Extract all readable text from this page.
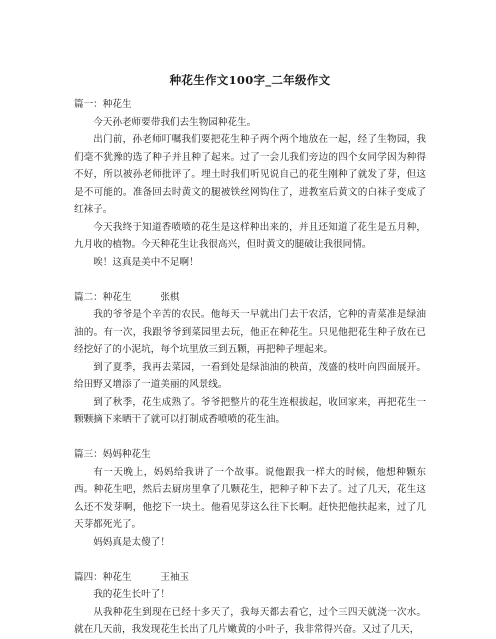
种花生作文100字_二年级作文

篇一：种花生

今天孙老师要带我们去生物园种花生。

出门前，孙老师叮嘱我们要把花生种子两个两个地放在一起，经了生物园，我们毫不犹豫的选了种子并且种了起来。过了一会儿我们旁边的四个女同学因为种得不好，所以被孙老师批评了。埋土时我们听见说自己的花生刚种了就发了芽，但这是不可能的。准备回去时黄文的腿被铁丝网钩住了，进教室后黄文的白袜子变成了红袜子。

今天我终于知道香喷喷的花生是这样种出来的，并且还知道了花生是五月种，九月收的植物。今天种花生让我很高兴，但时黄文的腿破让我很同情。

唉！这真是美中不足啊！

篇二：种花生　　　张棋

我的爷爷是个辛苦的农民。他每天一早就出门去干农活，它种的青菜准是绿油油的。有一次，我跟爷爷到菜园里去玩，他正在种花生。只见他把花生种子放在已经挖好了的小泥坑，每个坑里放三到五颗，再把种子埋起来。

到了夏季，我再去菜园，一看到处是绿油油的秧苗，茂盛的枝叶向四面展开。给田野又增添了一道美丽的风景线。

到了秋季，花生成熟了。爷爷把整片的花生连根拔起，收回家来，再把花生一颗颗摘下来晒干了就可以打制成香喷喷的花生油。

篇三：妈妈种花生

有一天晚上，妈妈给我讲了一个故事。说他跟我一样大的时候，他想种颗东西。种花生吧，然后去厨房里拿了几颗花生，把种子种下去了。过了几天，花生这么还不发芽啊，他挖下一块土。他看见芽这么往下长啊。赶快把他扶起来，过了几天芽都死光了。

妈妈真是太傻了！

篇四：种花生　　　王袖玉

我的花生长叶了！

从我种花生到现在已经十多天了，我每天都去看它，过个三四天就浇一次水。就在几天前，我发现花生长出了几片嫩黄的小叶子，我非常得兴奋。又过了几天，
